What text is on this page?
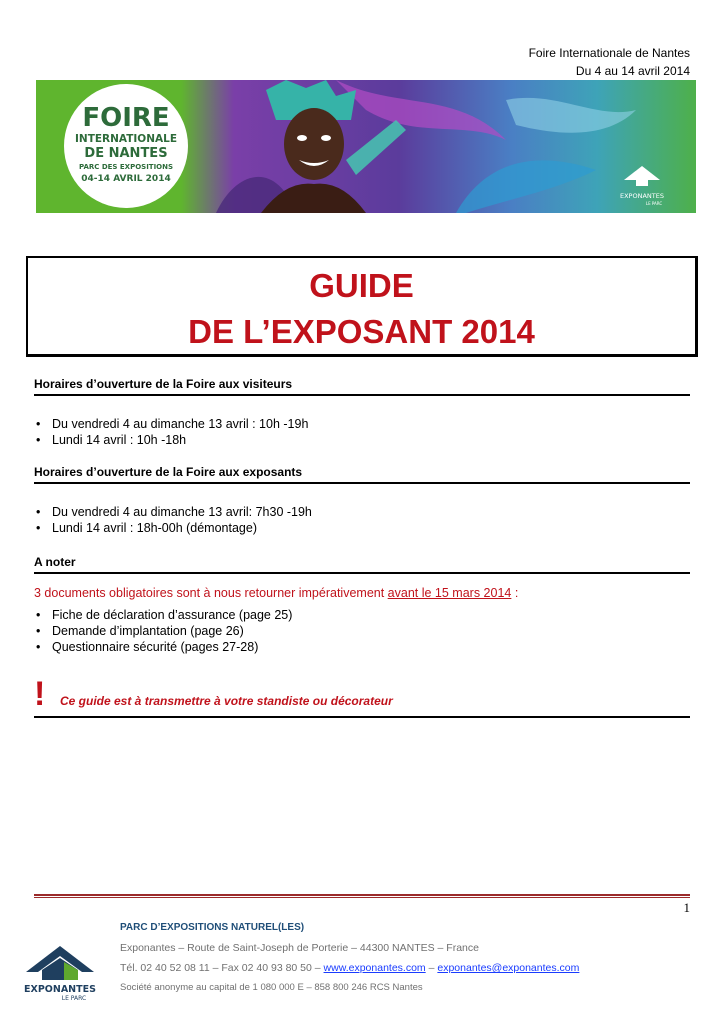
Foire Internationale de Nantes
Du 4 au 14 avril 2014
FOIRE
INTERNATIONALE
DE NANTES
PARC DES EXPOSITIONS
04-14 AVRIL 2014
EXPONANTES
LE PARC
GUIDE
DE L’EXPOSANT 2014
Horaires d’ouverture de la Foire aux visiteurs
• Du vendredi 4 au dimanche 13 avril : 10h -19h
• Lundi 14 avril : 10h -18h
Horaires d’ouverture de la Foire aux exposants
• Du vendredi 4 au dimanche 13 avril: 7h30 -19h
• Lundi 14 avril : 18h-00h (démontage)
A noter
3 documents obligatoires sont à nous retourner impérativement avant le 15 mars 2014 :
• Fiche de déclaration d’assurance (page 25)
• Demande d’implantation (page 26)
• Questionnaire sécurité (pages 27-28)
! Ce guide est à transmettre à votre standiste ou décorateur
1
EXPONANTES
LE PARC
PARC D’EXPOSITIONS NATUREL(LES)
Exponantes – Route de Saint-Joseph de Porterie – 44300 NANTES – France
Tél. 02 40 52 08 11 – Fax 02 40 93 80 50 – www.exponantes.com – exponantes@exponantes.com
Société anonyme au capital de 1 080 000 E – 858 800 246 RCS Nantes
